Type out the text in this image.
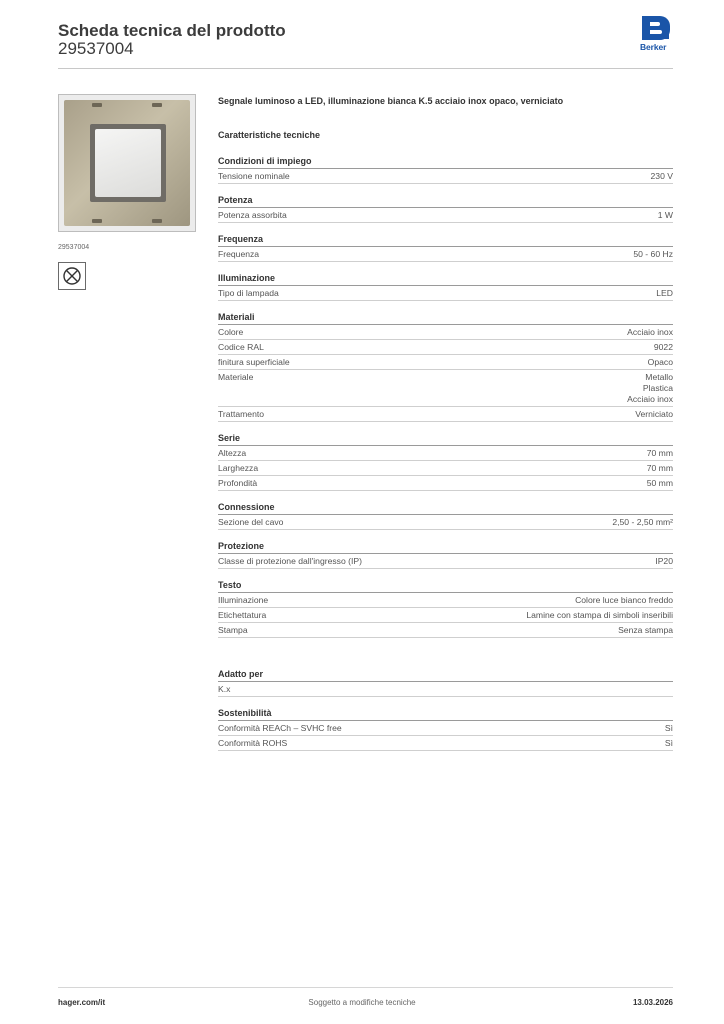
Scheda tecnica del prodotto
29537004	Berker
29537004
Segnale luminoso a LED, illuminazione bianca K.5 acciaio inox opaco, verniciato
Caratteristiche tecniche
Condizioni di impiego
Tensione nominale	230 V
Potenza
Potenza assorbita	1 W
Frequenza
Frequenza	50 - 60 Hz
Illuminazione
Tipo di lampada	LED
Materiali
Colore	Acciaio inox
Codice RAL	9022
finitura superficiale	Opaco
Materiale	Metallo
Plastica
Acciaio inox
Trattamento	Verniciato
Serie
Altezza	70 mm
Larghezza	70 mm
Profondità	50 mm
Connessione
Sezione del cavo	2,50 - 2,50 mm²
Protezione
Classe di protezione dall'ingresso (IP)	IP20
Testo
Illuminazione	Colore luce bianco freddo
Etichettatura	Lamine con stampa di simboli inseribili
Stampa	Senza stampa
Adatto per
K.x
Sostenibilità
Conformità REACh – SVHC free	Sì
Conformità ROHS	Sì
hager.com/it	Soggetto a modifiche tecniche	13.03.2026
